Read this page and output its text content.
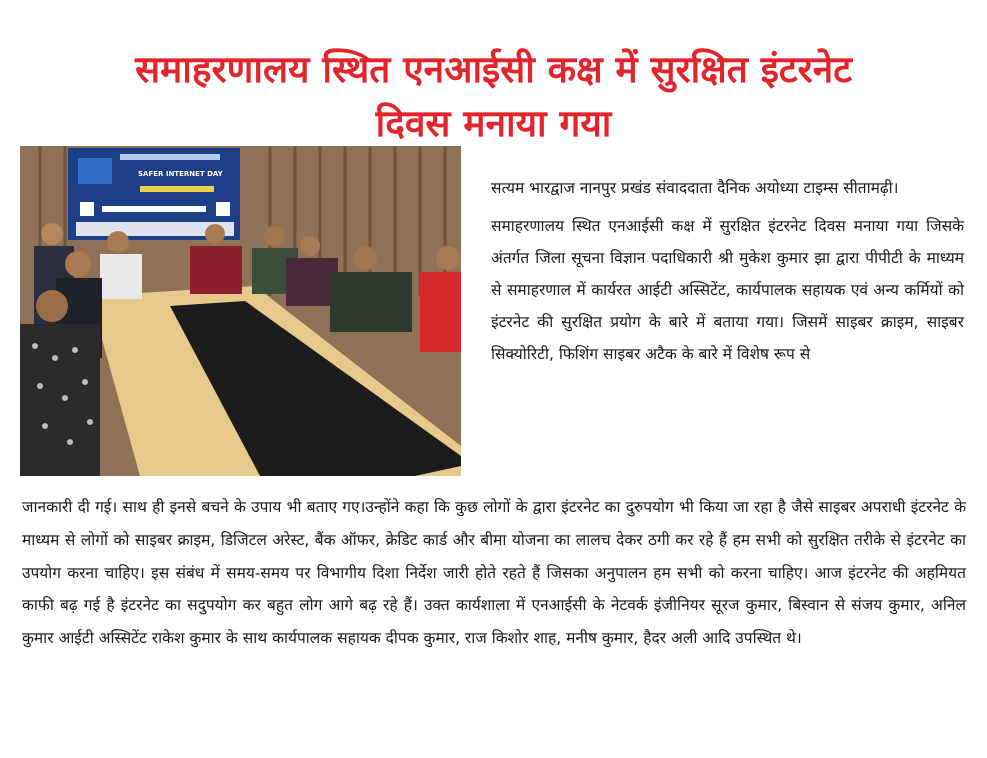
समाहरणालय स्थित एनआईसी कक्ष में सुरक्षित इंटरनेट
दिवस मनाया गया
SAFER INTERNET DAY

सत्यम भारद्वाज नानपुर प्रखंड संवाददाता दैनिक अयोध्या टाइम्स सीतामढ़ी।

समाहरणालय स्थित एनआईसी कक्ष में सुरक्षित इंटरनेट दिवस मनाया गया जिसके अंतर्गत जिला सूचना विज्ञान पदाधिकारी श्री मुकेश कुमार झा द्वारा पीपीटी के माध्यम से समाहरणाल में कार्यरत आईटी अस्सिटेंट, कार्यपालक सहायक एवं अन्य कर्मियों को इंटरनेट की सुरक्षित प्रयोग के बारे में बताया गया। जिसमें साइबर क्राइम, साइबर सिक्योरिटी, फिशिंग साइबर अटैक के बारे में विशेष रूप से

जानकारी दी गई। साथ ही इनसे बचने के उपाय भी बताए गए।उन्होंने कहा कि कुछ लोगों के द्वारा इंटरनेट का दुरुपयोग भी किया जा रहा है जैसे साइबर अपराधी इंटरनेट के माध्यम से लोगों को साइबर क्राइम, डिजिटल अरेस्ट, बैंक ऑफर, क्रेडिट कार्ड और बीमा योजना का लालच देकर ठगी कर रहे हैं हम सभी को सुरक्षित तरीके से इंटरनेट का उपयोग करना चाहिए। इस संबंध में समय-समय पर विभागीय दिशा निर्देश जारी होते रहते हैं जिसका अनुपालन हम सभी को करना चाहिए। आज इंटरनेट की अहमियत काफी बढ़ गई है इंटरनेट का सदुपयोग कर बहुत लोग आगे बढ़ रहे हैं। उक्त कार्यशाला में एनआईसी के नेटवर्क इंजीनियर सूरज कुमार, बिस्वान से संजय कुमार, अनिल कुमार आईटी अस्सिटेंट राकेश कुमार के साथ कार्यपालक सहायक दीपक कुमार, राज किशोर शाह, मनीष कुमार, हैदर अली आदि उपस्थित थे।
